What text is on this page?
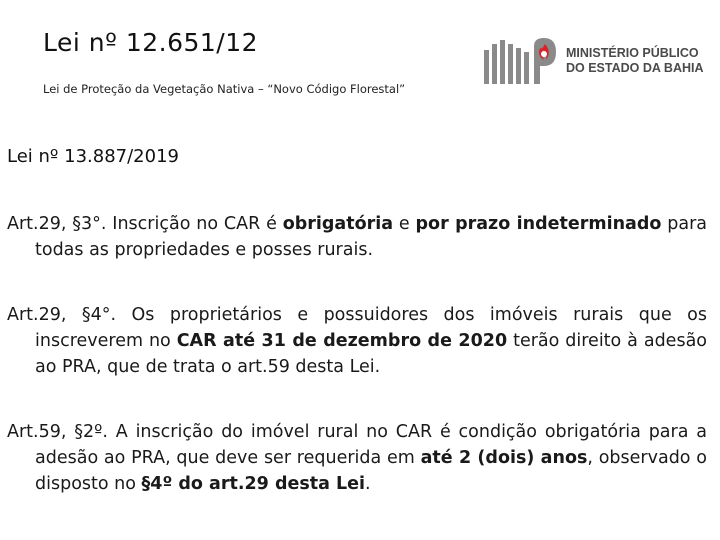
Lei nº 12.651/12
Lei de Proteção da Vegetação Nativa – “Novo Código Florestal”
MINISTÉRIO PÚBLICO
DO ESTADO DA BAHIA
Lei nº 13.887/2019
Art.29, §3°. Inscrição no CAR é obrigatória e por prazo indeterminado para todas as propriedades e posses rurais.
Art.29, §4°. Os proprietários e possuidores dos imóveis rurais que os inscreverem no CAR até 31 de dezembro de 2020 terão direito à adesão ao PRA, que de trata o art.59 desta Lei.
Art.59, §2º. A inscrição do imóvel rural no CAR é condição obrigatória para a adesão ao PRA, que deve ser requerida em até 2 (dois) anos, observado o disposto no §4º do art.29 desta Lei.
